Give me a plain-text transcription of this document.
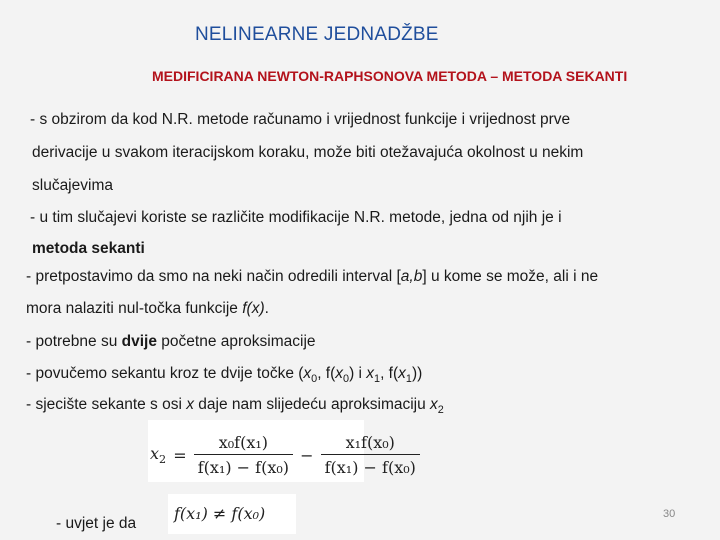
NELINEARNE JEDNADŽBE
MEDIFICIRANA NEWTON-RAPHSONOVA METODA – METODA SEKANTI
- s obzirom da kod N.R. metode računamo i vrijednost funkcije i vrijednost prve
derivacije u svakom iteracijskom koraku, može biti otežavajuća okolnost u nekim
slučajevima
- u tim slučajevi koriste se različite modifikacije N.R. metode, jedna od njih je i
metoda sekanti
- pretpostavimo da smo na neki način odredili interval [a,b] u kome se može, ali i ne
mora nalaziti nul-točka funkcije f(x).
- potrebne su dvije početne aproksimacije
- povučemo sekantu kroz te dvije točke ($x_0$, $f(x_0)$ i $x_1$, $f(x_1)$)
- sjecište sekante s osi x daje nam slijedeću aproksimaciju $x_2$
$x_2 = \frac{\text{x₀f(x₁)}}{\text{f(x₁) − f(x₀)}} - \frac{\text{x₁f(x₀)}}{\text{f(x₁) − f(x₀)}}$
- uvjet je da
f(x₁) ≠ f(x₀)	30
